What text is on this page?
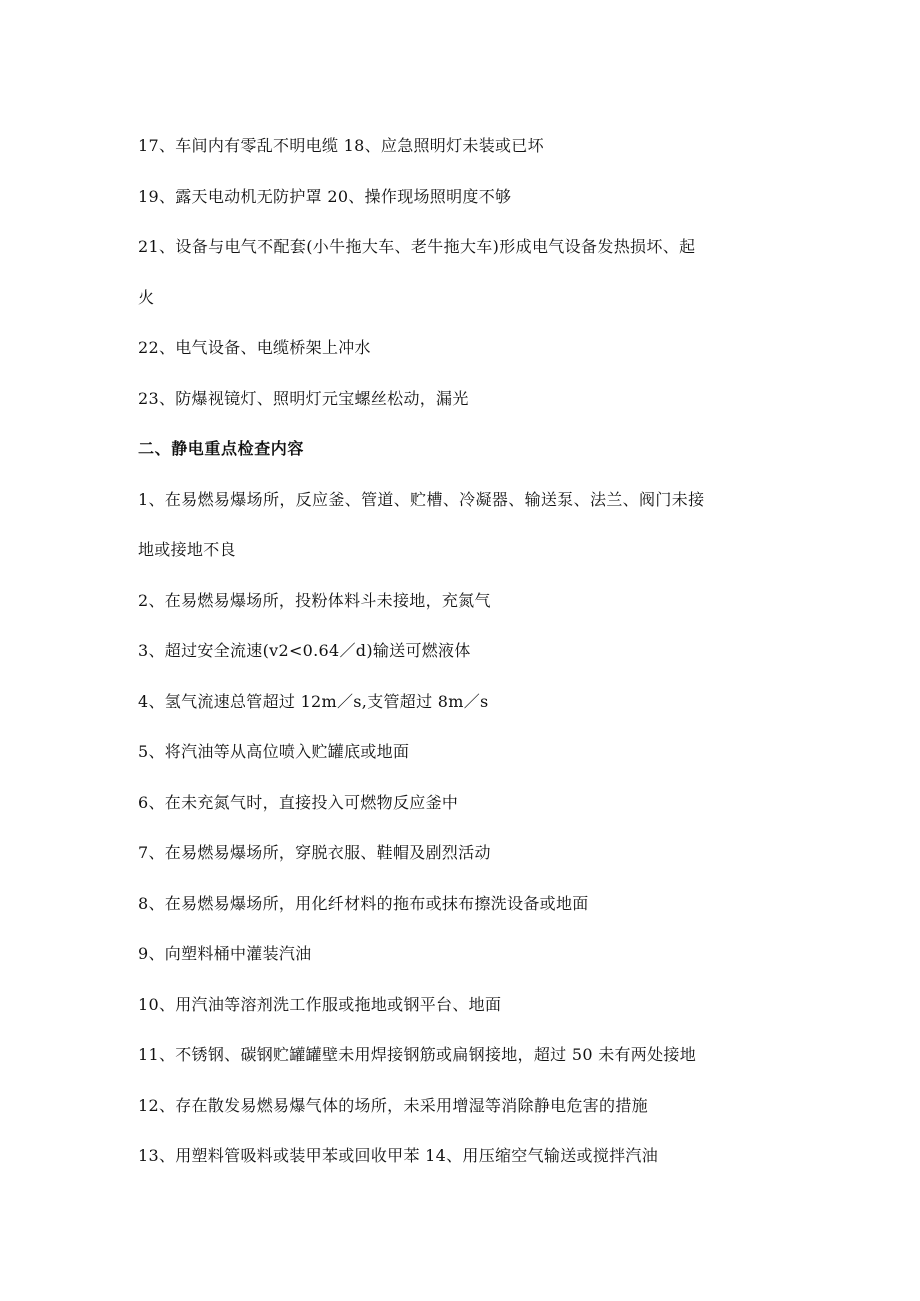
17、车间内有零乱不明电缆 18、应急照明灯未装或已坏
19、露天电动机无防护罩 20、操作现场照明度不够
21、设备与电气不配套(小牛拖大车、老牛拖大车)形成电气设备发热损坏、起
火
22、电气设备、电缆桥架上冲水
23、防爆视镜灯、照明灯元宝螺丝松动，漏光
二、静电重点检查内容
1、在易燃易爆场所，反应釜、管道、贮槽、冷凝器、输送泵、法兰、阀门未接
地或接地不良
2、在易燃易爆场所，投粉体料斗未接地，充氮气
3、超过安全流速(v2<0.64／d)输送可燃液体
4、氢气流速总管超过 12m／s,支管超过 8m／s
5、将汽油等从高位喷入贮罐底或地面
6、在未充氮气时，直接投入可燃物反应釜中
7、在易燃易爆场所，穿脱衣服、鞋帽及剧烈活动
8、在易燃易爆场所，用化纤材料的拖布或抹布擦洗设备或地面
9、向塑料桶中灌装汽油
10、用汽油等溶剂洗工作服或拖地或钢平台、地面
11、不锈钢、碳钢贮罐罐壁未用焊接钢筋或扁钢接地，超过 50 未有两处接地
12、存在散发易燃易爆气体的场所，未采用增湿等消除静电危害的措施
13、用塑料管吸料或装甲苯或回收甲苯 14、用压缩空气输送或搅拌汽油
